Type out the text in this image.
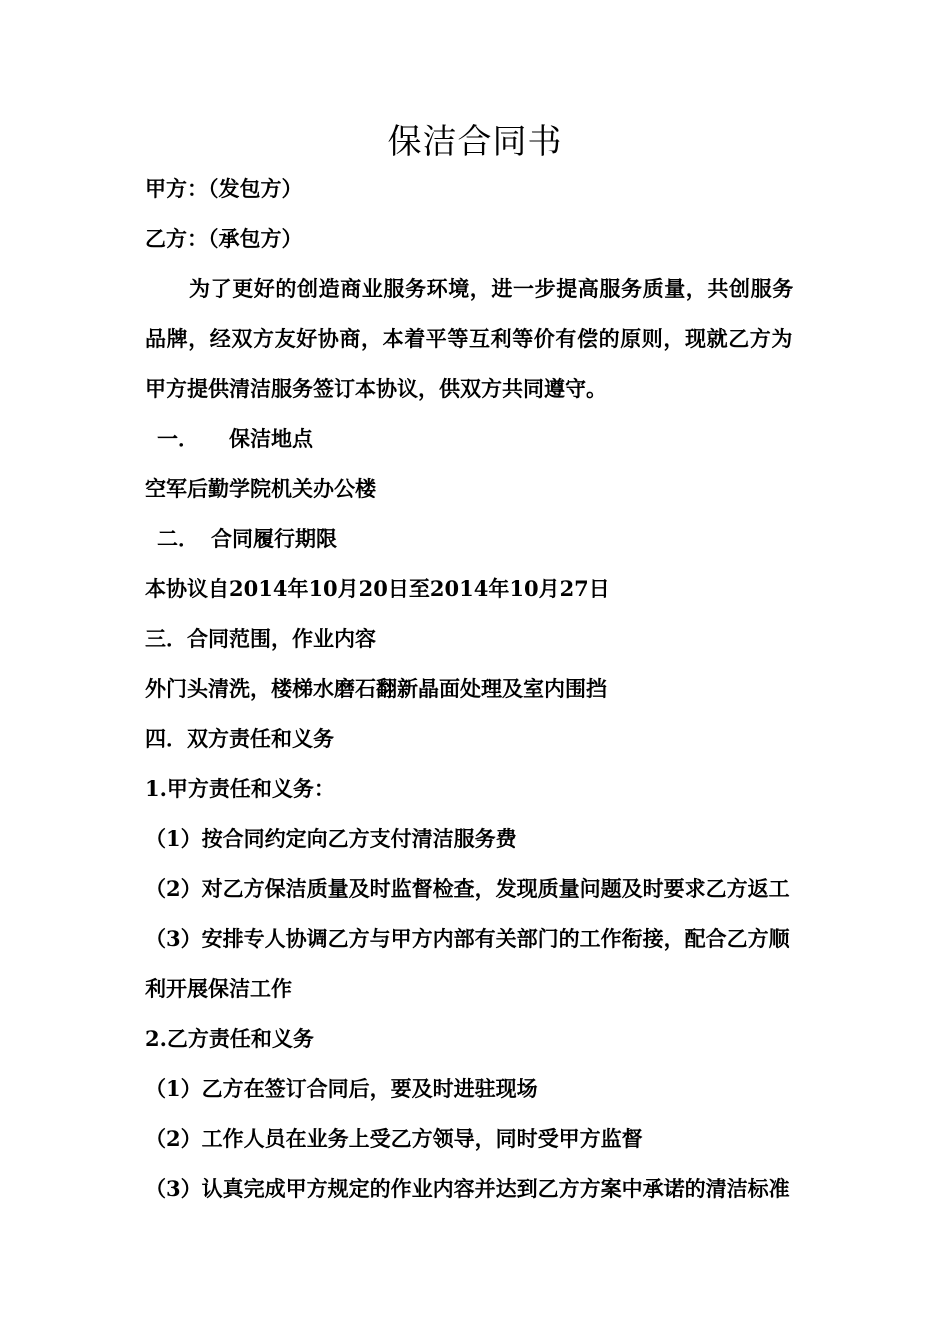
保洁合同书
甲方：（发包方）
乙方：（承包方）
为了更好的创造商业服务环境，进一步提高服务质量，共创服务
品牌，经双方友好协商，本着平等互利等价有偿的原则，现就乙方为
甲方提供清洁服务签订本协议，供双方共同遵守。
一． 保洁地点
空军后勤学院机关办公楼
二． 合同履行期限
本协议自2014年10月20日至2014年10月27日
三．合同范围，作业内容
外门头清洗，楼梯水磨石翻新晶面处理及室内围挡
四．双方责任和义务
1.甲方责任和义务：
（1）按合同约定向乙方支付清洁服务费
（2）对乙方保洁质量及时监督检查，发现质量问题及时要求乙方返工
（3）安排专人协调乙方与甲方内部有关部门的工作衔接，配合乙方顺
利开展保洁工作
2.乙方责任和义务
（1）乙方在签订合同后，要及时进驻现场
（2）工作人员在业务上受乙方领导，同时受甲方监督
（3）认真完成甲方规定的作业内容并达到乙方方案中承诺的清洁标准
